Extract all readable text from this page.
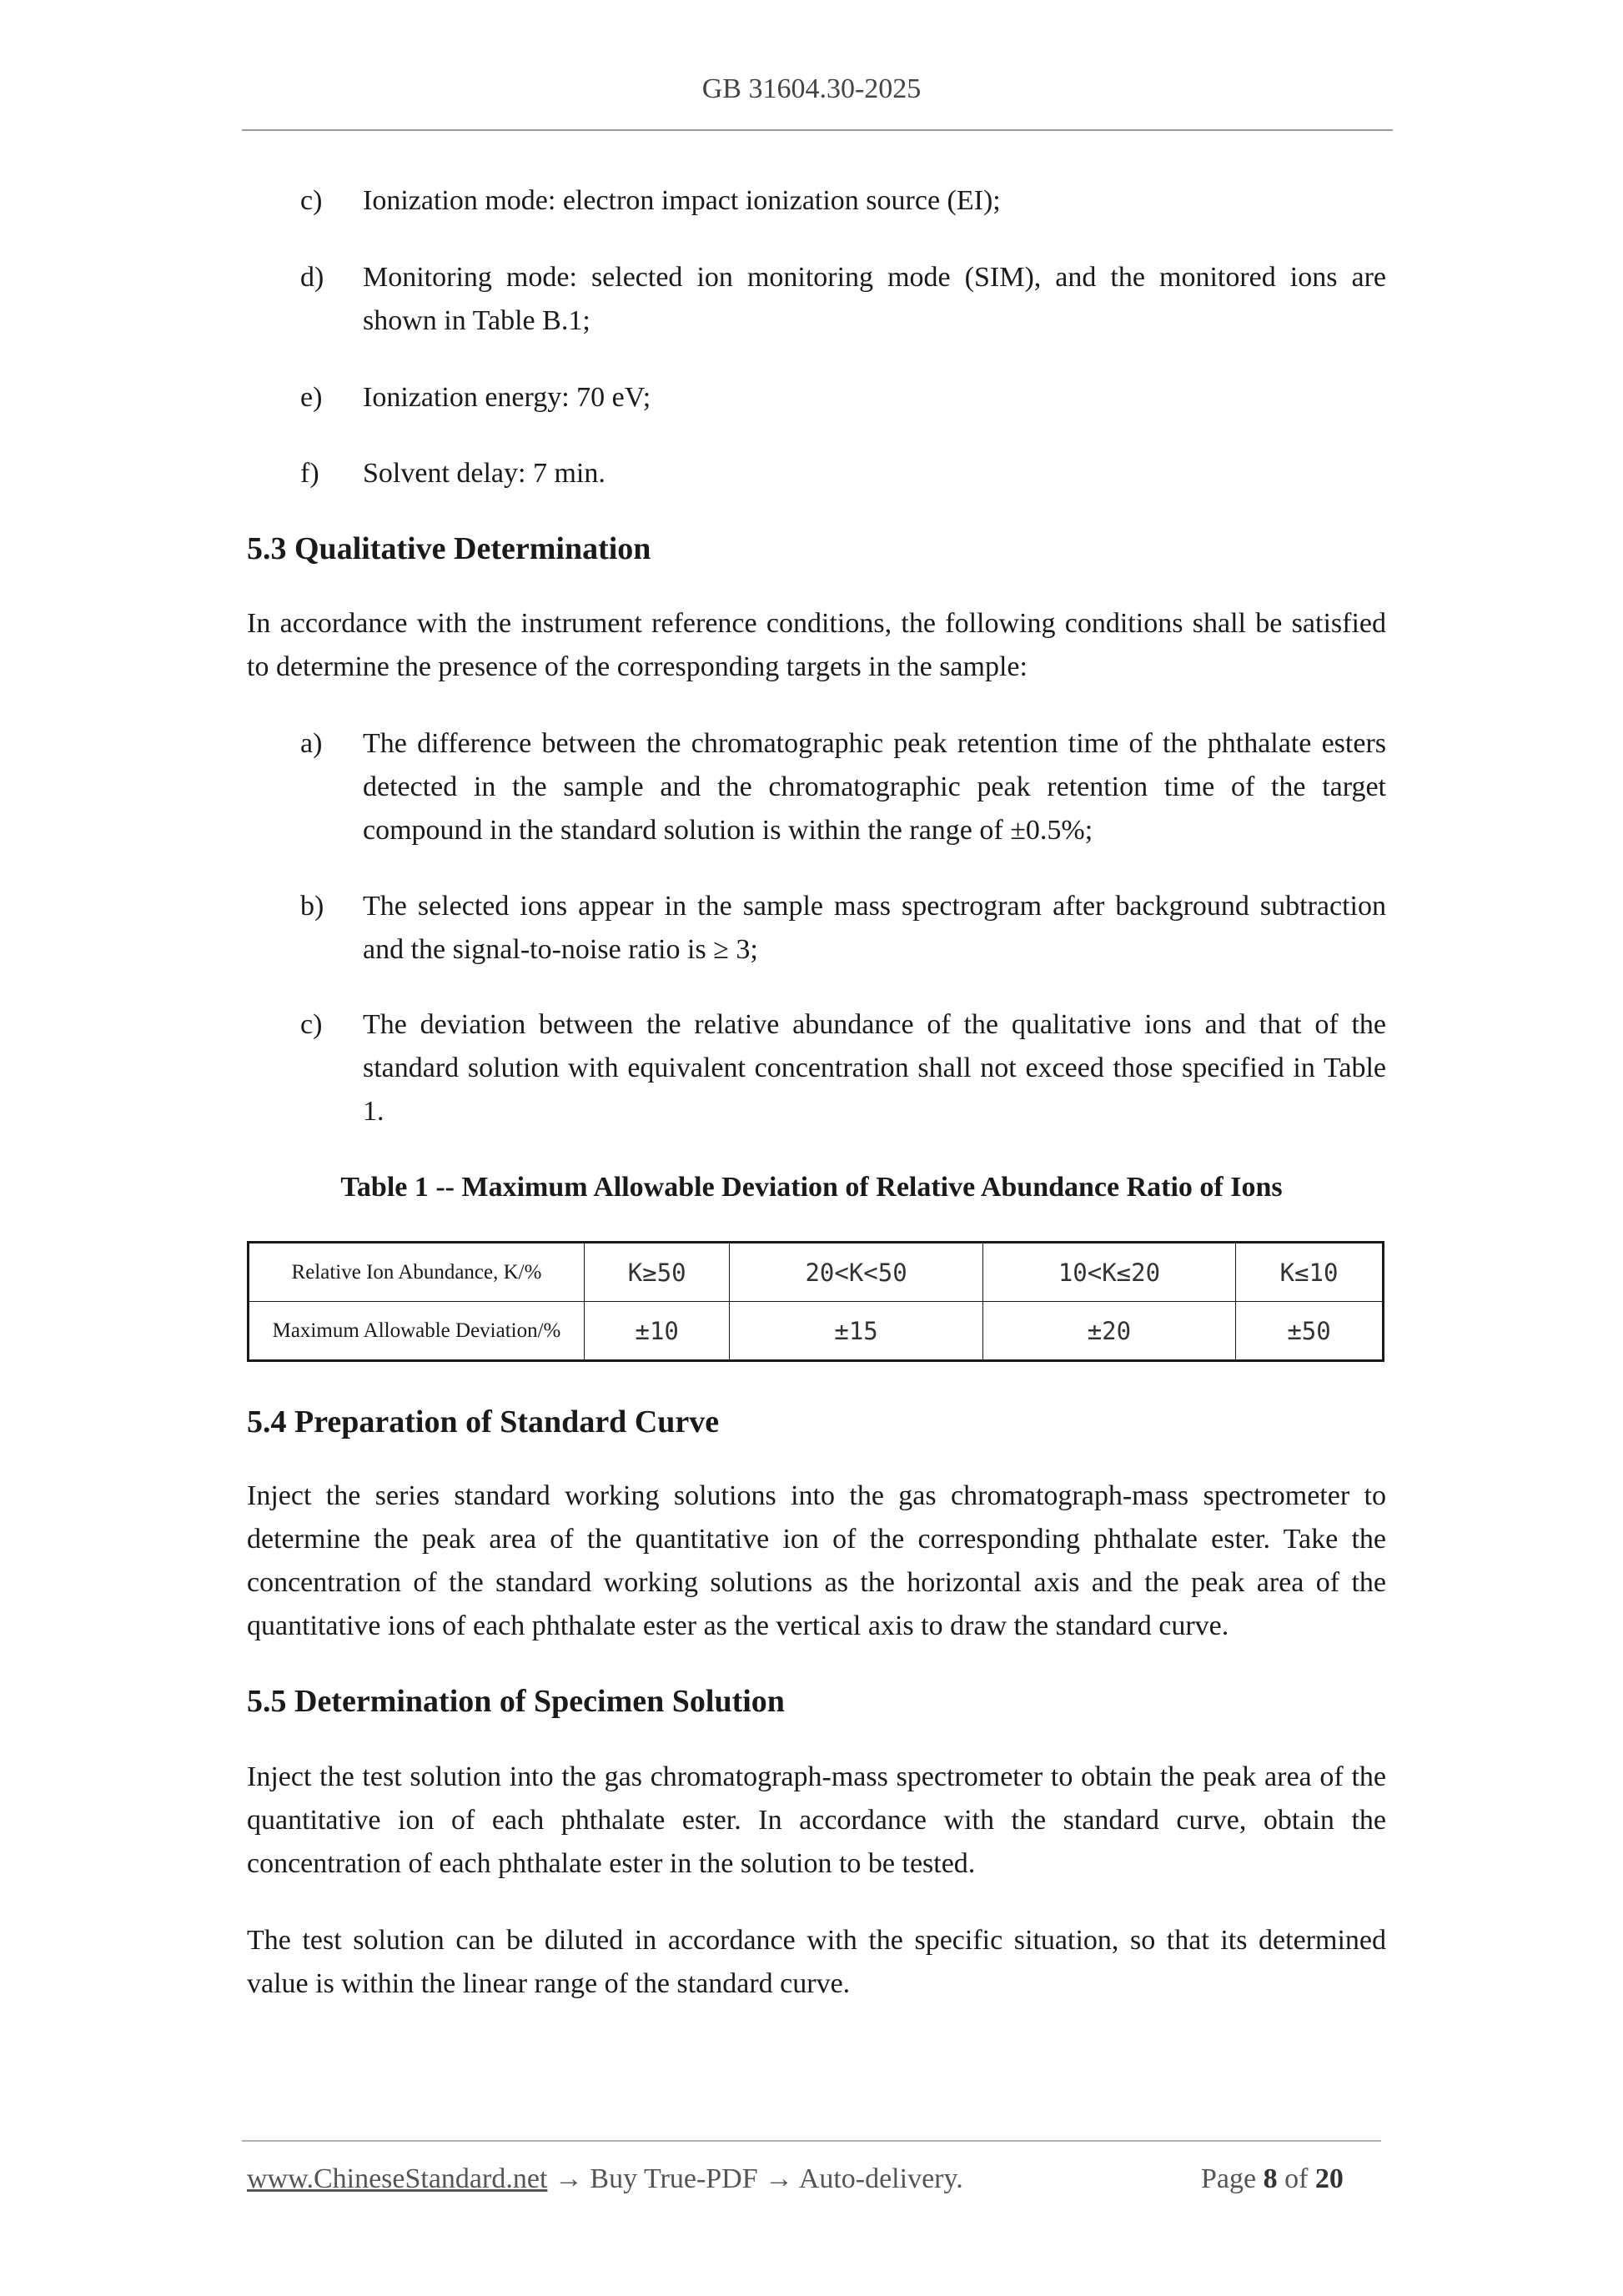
GB 31604.30-2025
c)	Ionization mode: electron impact ionization source (EI);
d)	Monitoring mode: selected ion monitoring mode (SIM), and the monitored ions are shown in Table B.1;
e)	Ionization energy: 70 eV;
f)	Solvent delay: 7 min.
5.3 Qualitative Determination
In accordance with the instrument reference conditions, the following conditions shall be satisfied to determine the presence of the corresponding targets in the sample:
a)	The difference between the chromatographic peak retention time of the phthalate esters detected in the sample and the chromatographic peak retention time of the target compound in the standard solution is within the range of ±0.5%;
b)	The selected ions appear in the sample mass spectrogram after background subtraction and the signal-to-noise ratio is ≥ 3;
c)	The deviation between the relative abundance of the qualitative ions and that of the standard solution with equivalent concentration shall not exceed those specified in Table 1.
Table 1 -- Maximum Allowable Deviation of Relative Abundance Ratio of Ions
Relative Ion Abundance, K/%	K≥50	20<K<50	10<K≤20	K≤10
Maximum Allowable Deviation/%	±10	±15	±20	±50
5.4 Preparation of Standard Curve
Inject the series standard working solutions into the gas chromatograph-mass spectrometer to determine the peak area of the quantitative ion of the corresponding phthalate ester. Take the concentration of the standard working solutions as the horizontal axis and the peak area of the quantitative ions of each phthalate ester as the vertical axis to draw the standard curve.
5.5 Determination of Specimen Solution
Inject the test solution into the gas chromatograph-mass spectrometer to obtain the peak area of the quantitative ion of each phthalate ester. In accordance with the standard curve, obtain the concentration of each phthalate ester in the solution to be tested.
The test solution can be diluted in accordance with the specific situation, so that its determined value is within the linear range of the standard curve.
www.ChineseStandard.net → Buy True-PDF → Auto-delivery.	Page 8 of 20
